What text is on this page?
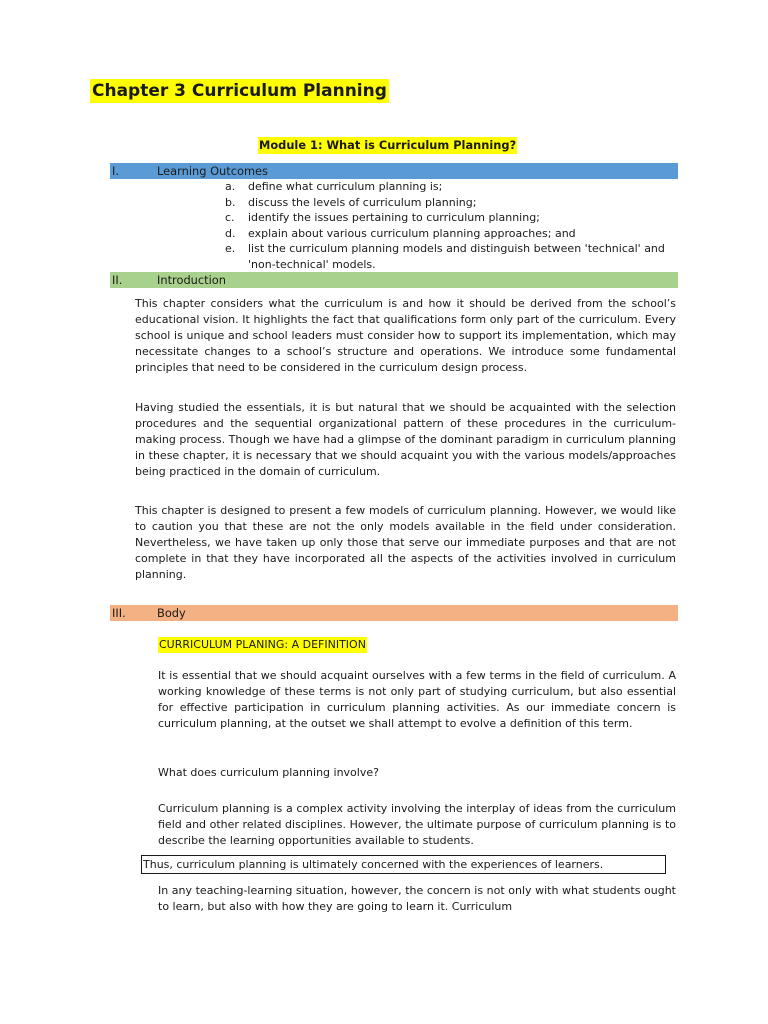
Chapter 3 Curriculum Planning
Module 1: What is Curriculum Planning?
I.	Learning Outcomes
a. define what curriculum planning is;
b. discuss the levels of curriculum planning;
c. identify the issues pertaining to curriculum planning;
d. explain about various curriculum planning approaches; and
e. list the curriculum planning models and distinguish between 'technical' and 'non-technical' models.
II.	Introduction

This chapter considers what the curriculum is and how it should be derived from the school’s educational vision. It highlights the fact that qualifications form only part of the curriculum. Every school is unique and school leaders must consider how to support its implementation, which may necessitate changes to a school’s structure and operations. We introduce some fundamental principles that need to be considered in the curriculum design process.

Having studied the essentials, it is but natural that we should be acquainted with the selection procedures and the sequential organizational pattern of these procedures in the curriculum-making process. Though we have had a glimpse of the dominant paradigm in curriculum planning in these chapter, it is necessary that we should acquaint you with the various models/approaches being practiced in the domain of curriculum.

This chapter is designed to present a few models of curriculum planning. However, we would like to caution you that these are not the only models available in the field under consideration. Nevertheless, we have taken up only those that serve our immediate purposes and that are not complete in that they have incorporated all the aspects of the activities involved in curriculum planning.

III.	Body
CURRICULUM PLANING: A DEFINITION

It is essential that we should acquaint ourselves with a few terms in the field of curriculum. A working knowledge of these terms is not only part of studying curriculum, but also essential for effective participation in curriculum planning activities. As our immediate concern is curriculum planning, at the outset we shall attempt to evolve a definition of this term.

What does curriculum planning involve?

Curriculum planning is a complex activity involving the interplay of ideas from the curriculum field and other related disciplines. However, the ultimate purpose of curriculum planning is to describe the learning opportunities available to students.

Thus, curriculum planning is ultimately concerned with the experiences of learners.

In any teaching-learning situation, however, the concern is not only with what students ought to learn, but also with how they are going to learn it. Curriculum
